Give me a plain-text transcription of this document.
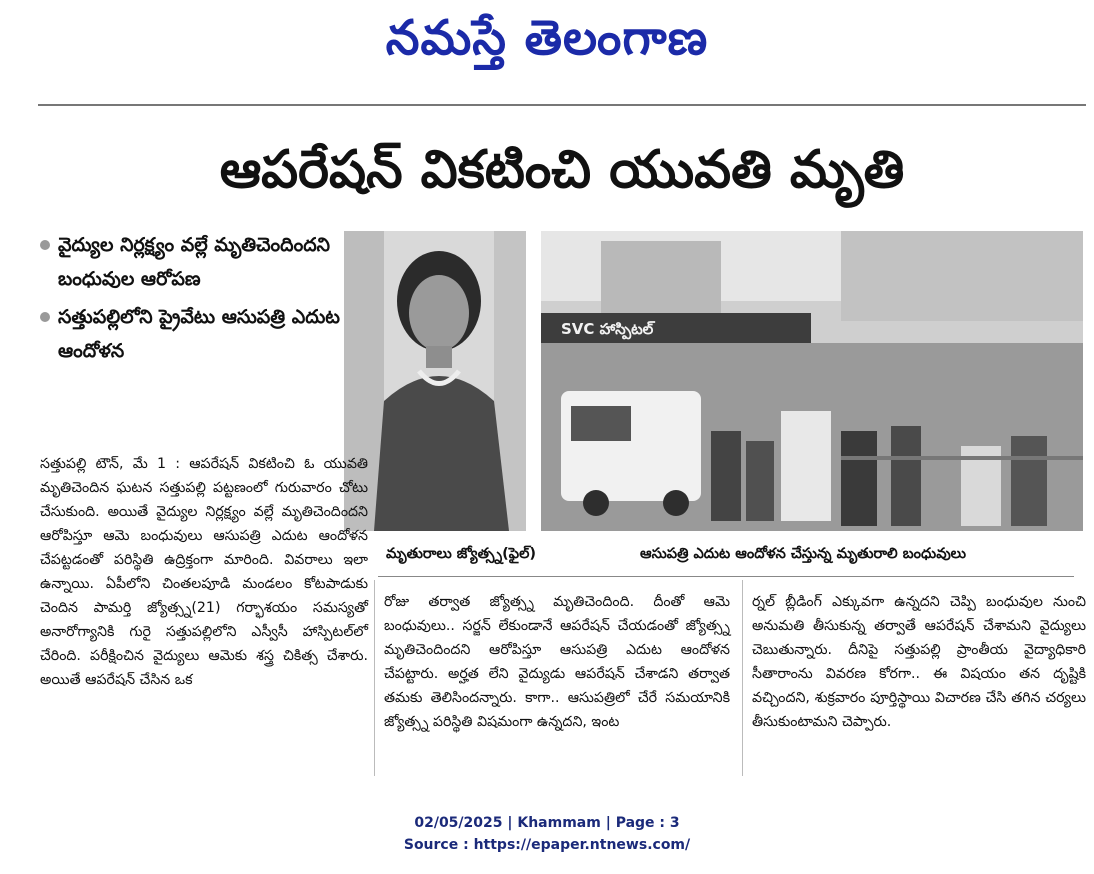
నమస్తే తెలంగాణ
ఆపరేషన్ వికటించి యువతి మృతి
వైద్యుల నిర్లక్ష్యం వల్లే మృతిచెందిందని బంధువుల ఆరోపణ
సత్తుపల్లిలోని ప్రైవేటు ఆసుపత్రి ఎదుట ఆందోళన
SVC హాస్పిటల్
మృతురాలు జ్యోత్స్న(ఫైల్)	ఆసుపత్రి ఎదుట ఆందోళన చేస్తున్న మృతురాలి బంధువులు

సత్తుపల్లి టౌన్, మే 1 : ఆపరేషన్ వికటించి ఓ యువతి మృతిచెందిన ఘటన సత్తుపల్లి పట్టణంలో గురువారం చోటు చేసుకుంది. అయితే వైద్యుల నిర్లక్ష్యం వల్లే మృతిచెందిందని ఆరోపిస్తూ ఆమె బంధువులు ఆసుపత్రి ఎదుట ఆందోళన చేపట్టడంతో పరిస్థితి ఉద్రిక్తంగా మారింది. వివరాలు ఇలా ఉన్నాయి. ఏపీలోని చింతలపూడి మండలం కోటపాడుకు చెందిన పామర్తి జ్యోత్స్న(21) గర్భాశయం సమస్యతో అనారోగ్యానికి గురై సత్తుపల్లిలోని ఎస్వీసీ హాస్పిటల్‌లో చేరింది. పరీక్షించిన వైద్యులు ఆమెకు శస్త్ర చికిత్స చేశారు. అయితే ఆపరేషన్ చేసిన ఒక

రోజు తర్వాత జ్యోత్స్న మృతిచెందింది. దీంతో ఆమె బంధువులు.. సర్జన్ లేకుండానే ఆపరేషన్ చేయడంతో జ్యోత్స్న మృతిచెందిందని ఆరోపిస్తూ ఆసుపత్రి ఎదుట ఆందోళన చేపట్టారు. అర్హత లేని వైద్యుడు ఆపరేషన్ చేశాడని తర్వాత తమకు తెలిసిందన్నారు. కాగా.. ఆసుపత్రిలో చేరే సమయానికి జ్యోత్స్న పరిస్థితి విషమంగా ఉన్నదని, ఇంట

ర్నల్ బ్లీడింగ్ ఎక్కువగా ఉన్నదని చెప్పి బంధువుల నుంచి అనుమతి తీసుకున్న తర్వాతే ఆపరేషన్ చేశామని వైద్యులు చెబుతున్నారు. దీనిపై సత్తుపల్లి ప్రాంతీయ వైద్యాధికారి సీతారాంను వివరణ కోరగా.. ఈ విషయం తన దృష్టికి వచ్చిందని, శుక్రవారం పూర్తిస్థాయి విచారణ చేసి తగిన చర్యలు తీసుకుంటామని చెప్పారు.

02/05/2025 | Khammam | Page : 3
Source : https://epaper.ntnews.com/
